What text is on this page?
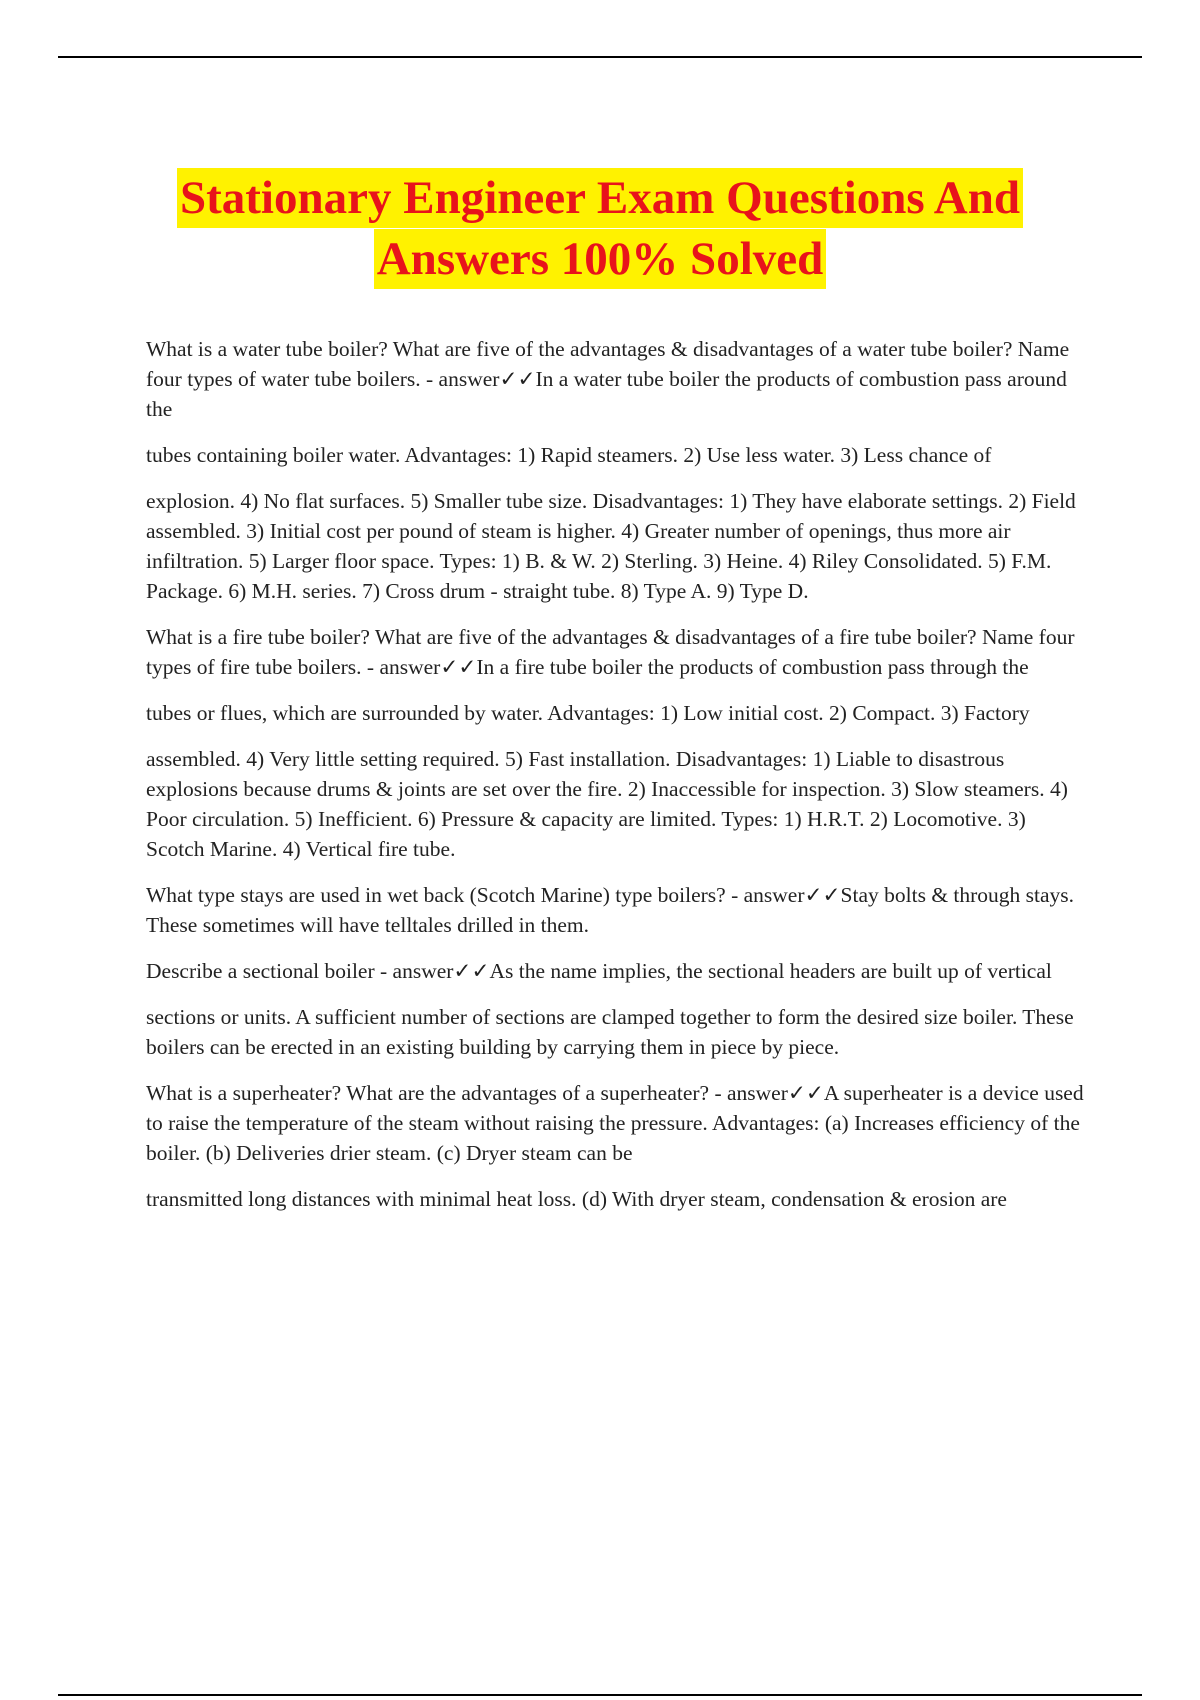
Stationary Engineer Exam Questions And
Answers 100% Solved

What is a water tube boiler? What are five of the advantages & disadvantages of a water tube boiler? Name four types of water tube boilers. - answer✓✓In a water tube boiler the products of combustion pass around the

tubes containing boiler water. Advantages: 1) Rapid steamers. 2) Use less water. 3) Less chance of

explosion. 4) No flat surfaces. 5) Smaller tube size. Disadvantages: 1) They have elaborate settings. 2) Field assembled. 3) Initial cost per pound of steam is higher. 4) Greater number of openings, thus more air infiltration. 5) Larger floor space. Types: 1) B. & W. 2) Sterling. 3) Heine. 4) Riley Consolidated. 5) F.M. Package. 6) M.H. series. 7) Cross drum - straight tube. 8) Type A. 9) Type D.

What is a fire tube boiler? What are five of the advantages & disadvantages of a fire tube boiler? Name four types of fire tube boilers. - answer✓✓In a fire tube boiler the products of combustion pass through the

tubes or flues, which are surrounded by water. Advantages: 1) Low initial cost. 2) Compact. 3) Factory

assembled. 4) Very little setting required. 5) Fast installation. Disadvantages: 1) Liable to disastrous explosions because drums & joints are set over the fire. 2) Inaccessible for inspection. 3) Slow steamers. 4) Poor circulation. 5) Inefficient. 6) Pressure & capacity are limited. Types: 1) H.R.T. 2) Locomotive. 3) Scotch Marine. 4) Vertical fire tube.

What type stays are used in wet back (Scotch Marine) type boilers? - answer✓✓Stay bolts & through stays. These sometimes will have telltales drilled in them.

Describe a sectional boiler - answer✓✓As the name implies, the sectional headers are built up of vertical

sections or units. A sufficient number of sections are clamped together to form the desired size boiler. These boilers can be erected in an existing building by carrying them in piece by piece.

What is a superheater? What are the advantages of a superheater? - answer✓✓A superheater is a device used to raise the temperature of the steam without raising the pressure. Advantages: (a) Increases efficiency of the boiler. (b) Deliveries drier steam. (c) Dryer steam can be

transmitted long distances with minimal heat loss. (d) With dryer steam, condensation & erosion are
